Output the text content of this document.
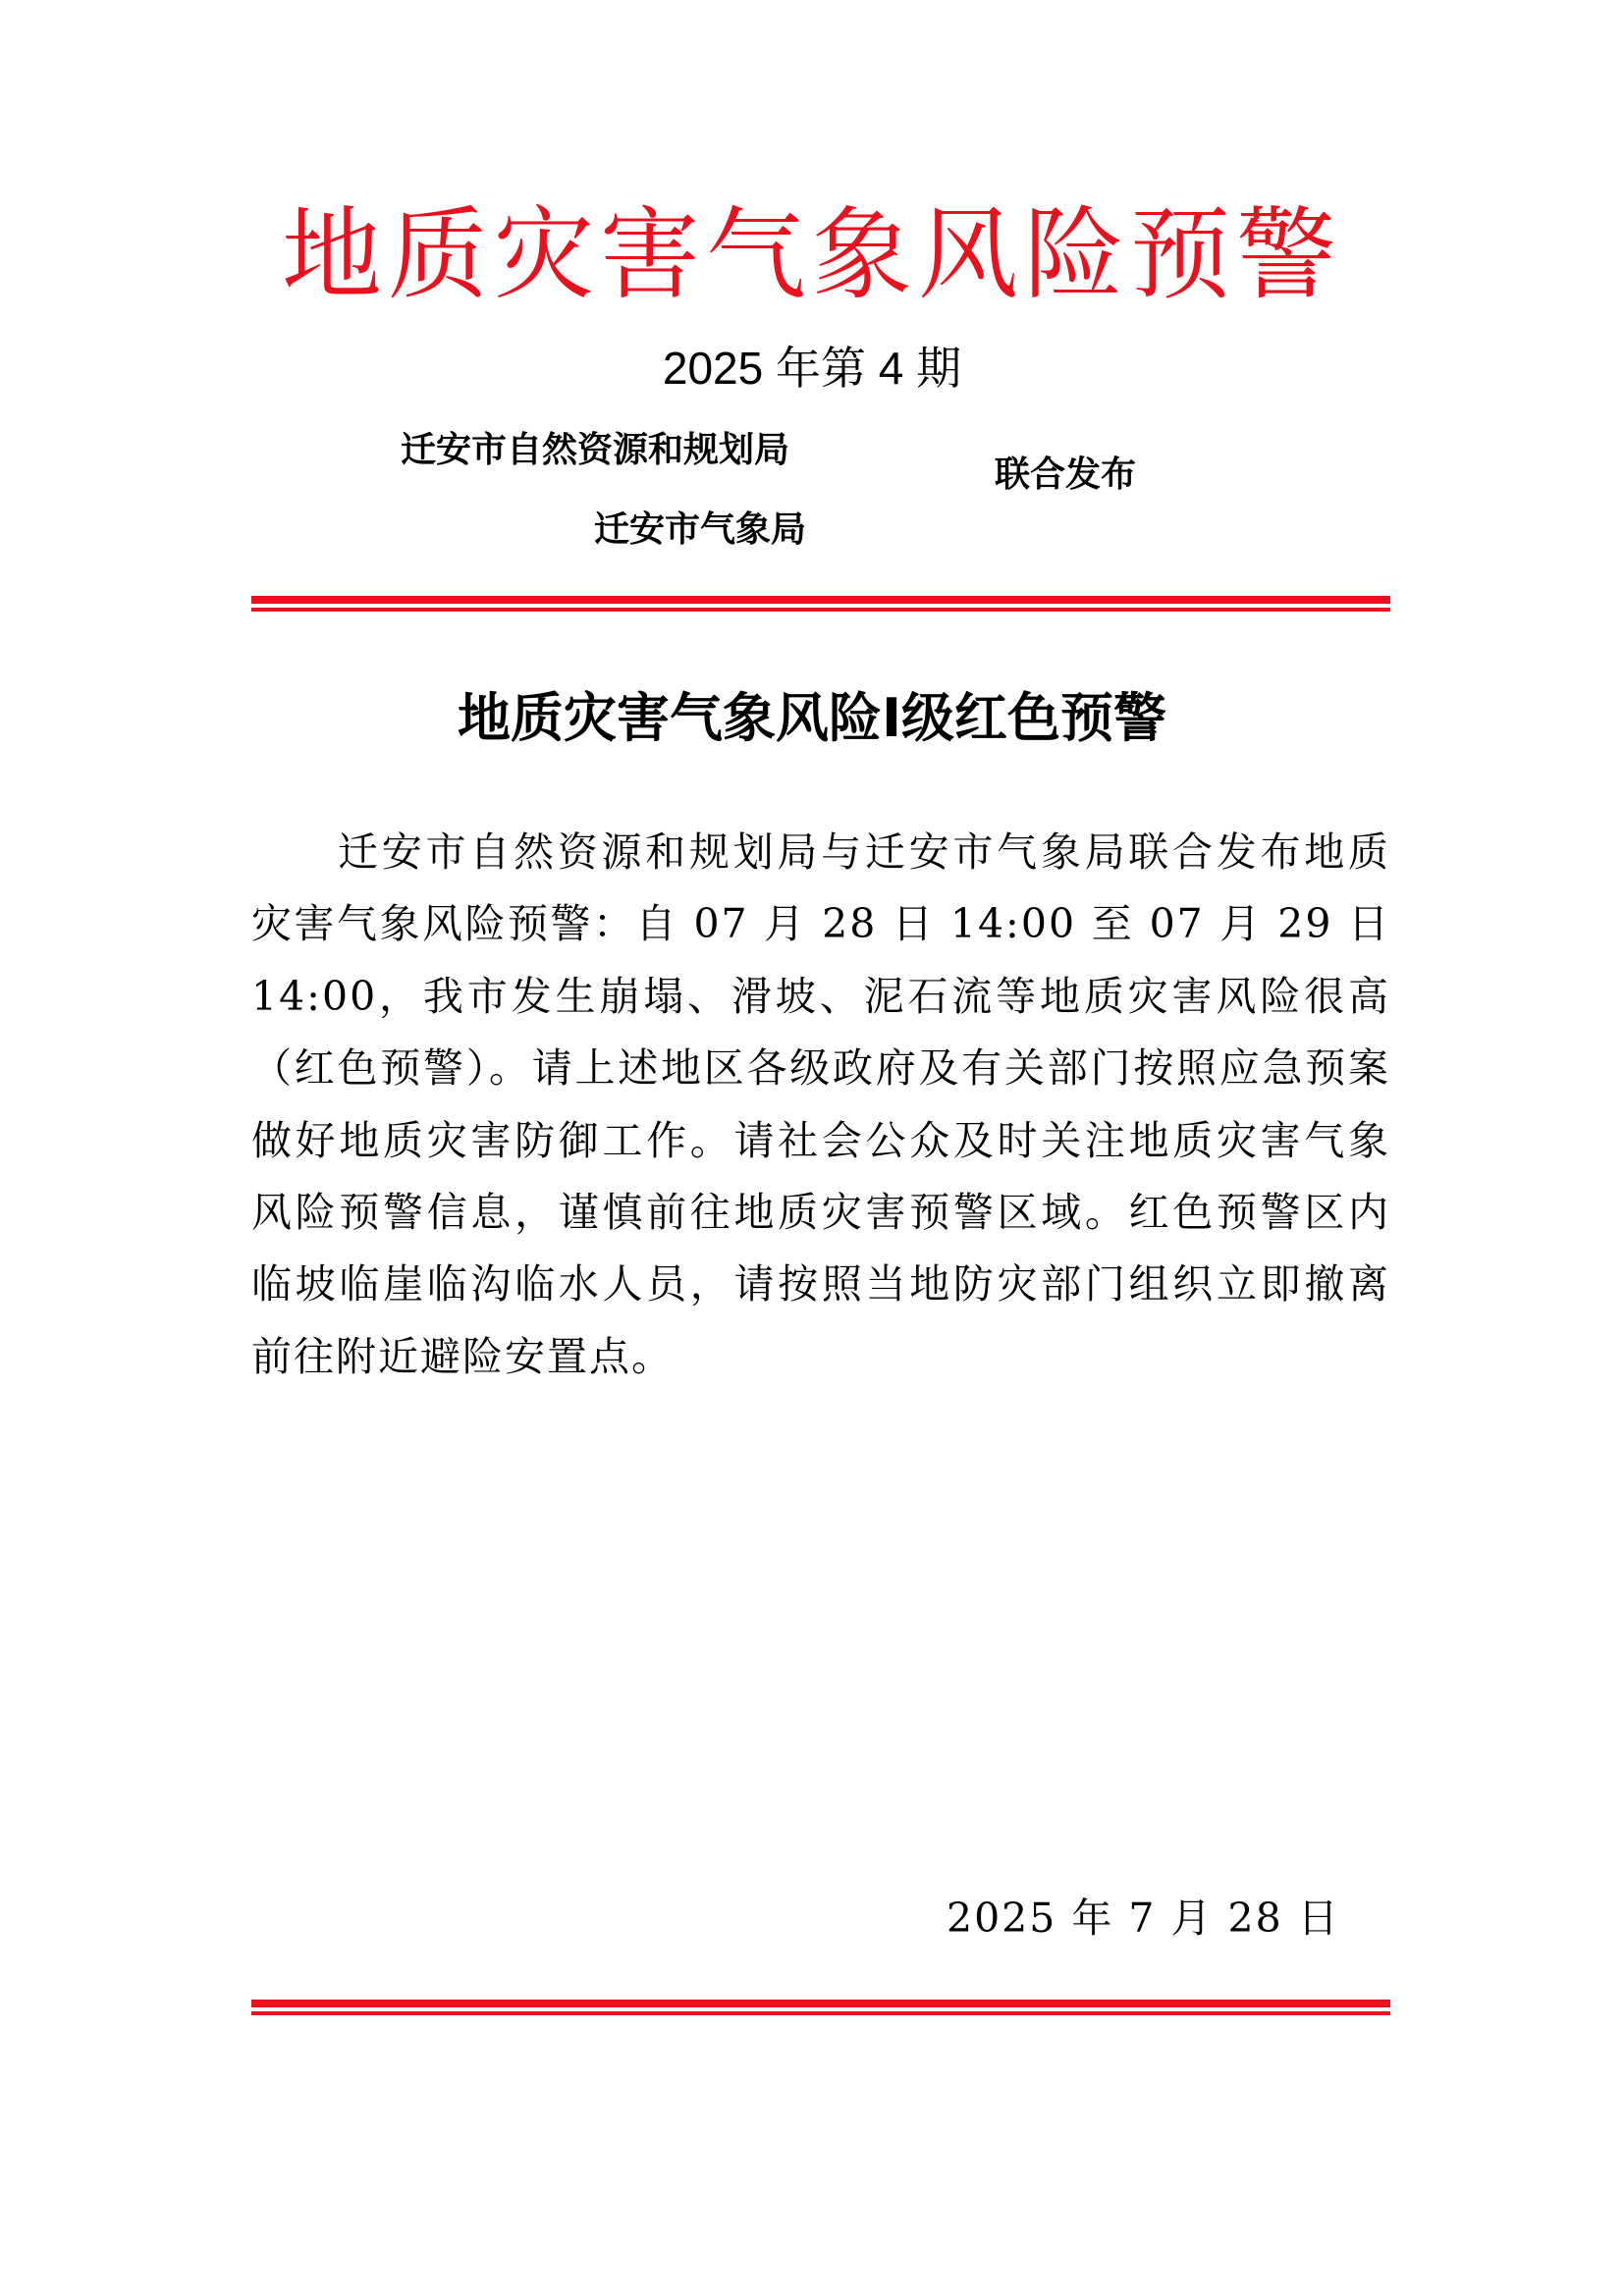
地质灾害气象风险预警
2025 年第 4 期
迁安市自然资源和规划局
迁安市气象局
联合发布
地质灾害气象风险Ⅰ级红色预警

迁安市自然资源和规划局与迁安市气象局联合发布地质灾害气象风险预警：自 07 月 28 日 14:00 至 07 月 29 日 14:00，我市发生崩塌、滑坡、泥石流等地质灾害风险很高（红色预警）。请上述地区各级政府及有关部门按照应急预案做好地质灾害防御工作。请社会公众及时关注地质灾害气象风险预警信息，谨慎前往地质灾害预警区域。红色预警区内临坡临崖临沟临水人员，请按照当地防灾部门组织立即撤离前往附近避险安置点。

2025 年 7 月 28 日
